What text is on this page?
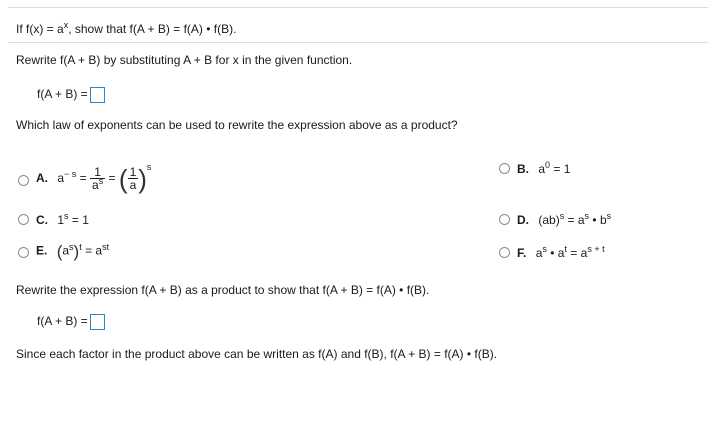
If $f(x) = a^x$, show that f(A + B) = f(A) • f(B).
Rewrite f(A + B) by substituting A + B for x in the given function.
f(A + B) =
Which law of exponents can be used to rewrite the expression above as a product?
A. $a^{- s} = \frac{1}{a^s}$ = ( $\frac{1}{a} )^s$	B. $a^0 = 1$
C. $1^s = 1$	D. $(ab)^s = a^s$ • $b^s$
E. $(a^s)^t = a^{st}$	F. $a^s$ • $a^t = a^{s + t}$
Rewrite the expression f(A + B) as a product to show that f(A + B) = f(A) • f(B).
f(A + B) =
Since each factor in the product above can be written as f(A) and f(B), f(A + B) = f(A) • f(B).
